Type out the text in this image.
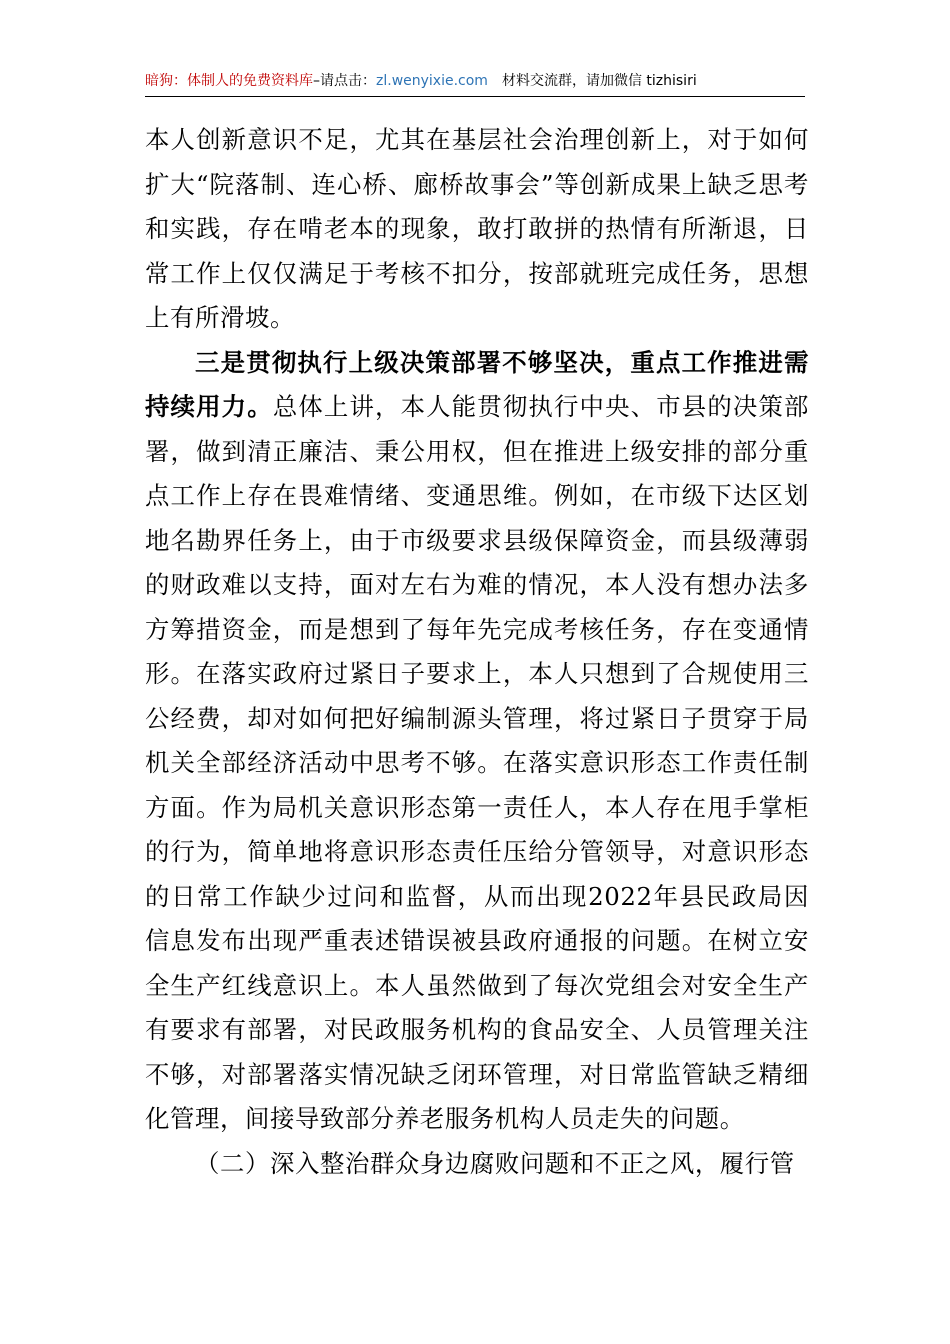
暗狗：体制人的免费资料库–请点击：zl.wenyixie.com 材料交流群，请加微信 tizhisiri

本人创新意识不足，尤其在基层社会治理创新上，对于如何扩大“院落制、连心桥、廊桥故事会”等创新成果上缺乏思考和实践，存在啃老本的现象，敢打敢拼的热情有所渐退，日常工作上仅仅满足于考核不扣分，按部就班完成任务，思想上有所滑坡。

三是贯彻执行上级决策部署不够坚决，重点工作推进需持续用力。总体上讲，本人能贯彻执行中央、市县的决策部署，做到清正廉洁、秉公用权，但在推进上级安排的部分重点工作上存在畏难情绪、变通思维。例如，在市级下达区划地名勘界任务上，由于市级要求县级保障资金，而县级薄弱的财政难以支持，面对左右为难的情况，本人没有想办法多方筹措资金，而是想到了每年先完成考核任务，存在变通情形。在落实政府过紧日子要求上，本人只想到了合规使用三公经费，却对如何把好编制源头管理，将过紧日子贯穿于局机关全部经济活动中思考不够。在落实意识形态工作责任制方面。作为局机关意识形态第一责任人，本人存在甩手掌柜的行为，简单地将意识形态责任压给分管领导，对意识形态的日常工作缺少过问和监督，从而出现2022年县民政局因信息发布出现严重表述错误被县政府通报的问题。在树立安全生产红线意识上。本人虽然做到了每次党组会对安全生产有要求有部署，对民政服务机构的食品安全、人员管理关注不够，对部署落实情况缺乏闭环管理，对日常监管缺乏精细化管理，间接导致部分养老服务机构人员走失的问题。

（二）深入整治群众身边腐败问题和不正之风，履行管
